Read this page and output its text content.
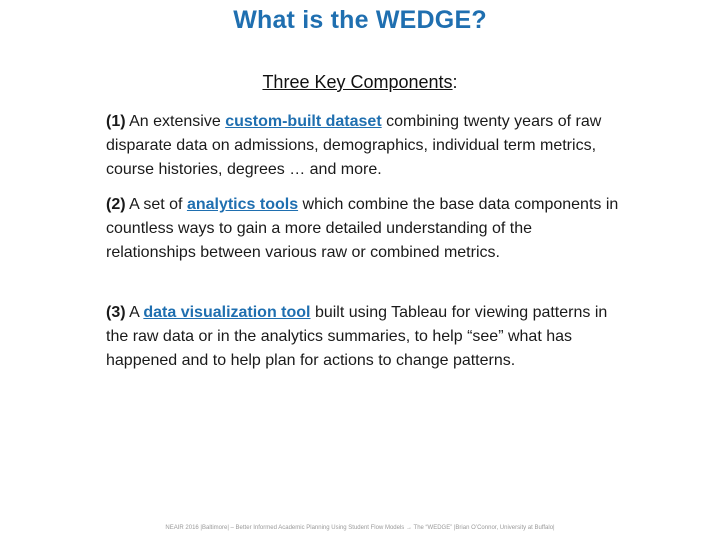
What is the WEDGE?
Three Key Components:
(1) An extensive custom-built dataset combining twenty years of raw disparate data on admissions, demographics, individual term metrics, course histories, degrees … and more.
(2) A set of analytics tools which combine the base data components in countless ways to gain a more detailed understanding of the relationships between various raw or combined metrics.
(3) A data visualization tool built using Tableau for viewing patterns in the raw data or in the analytics summaries, to help “see” what has happened and to help plan for actions to change patterns.
NEAIR 2016 |Baltimore| – Better Informed Academic Planning Using Student Flow Models → The “WEDGE” |Brian O’Connor, University at Buffalo|
